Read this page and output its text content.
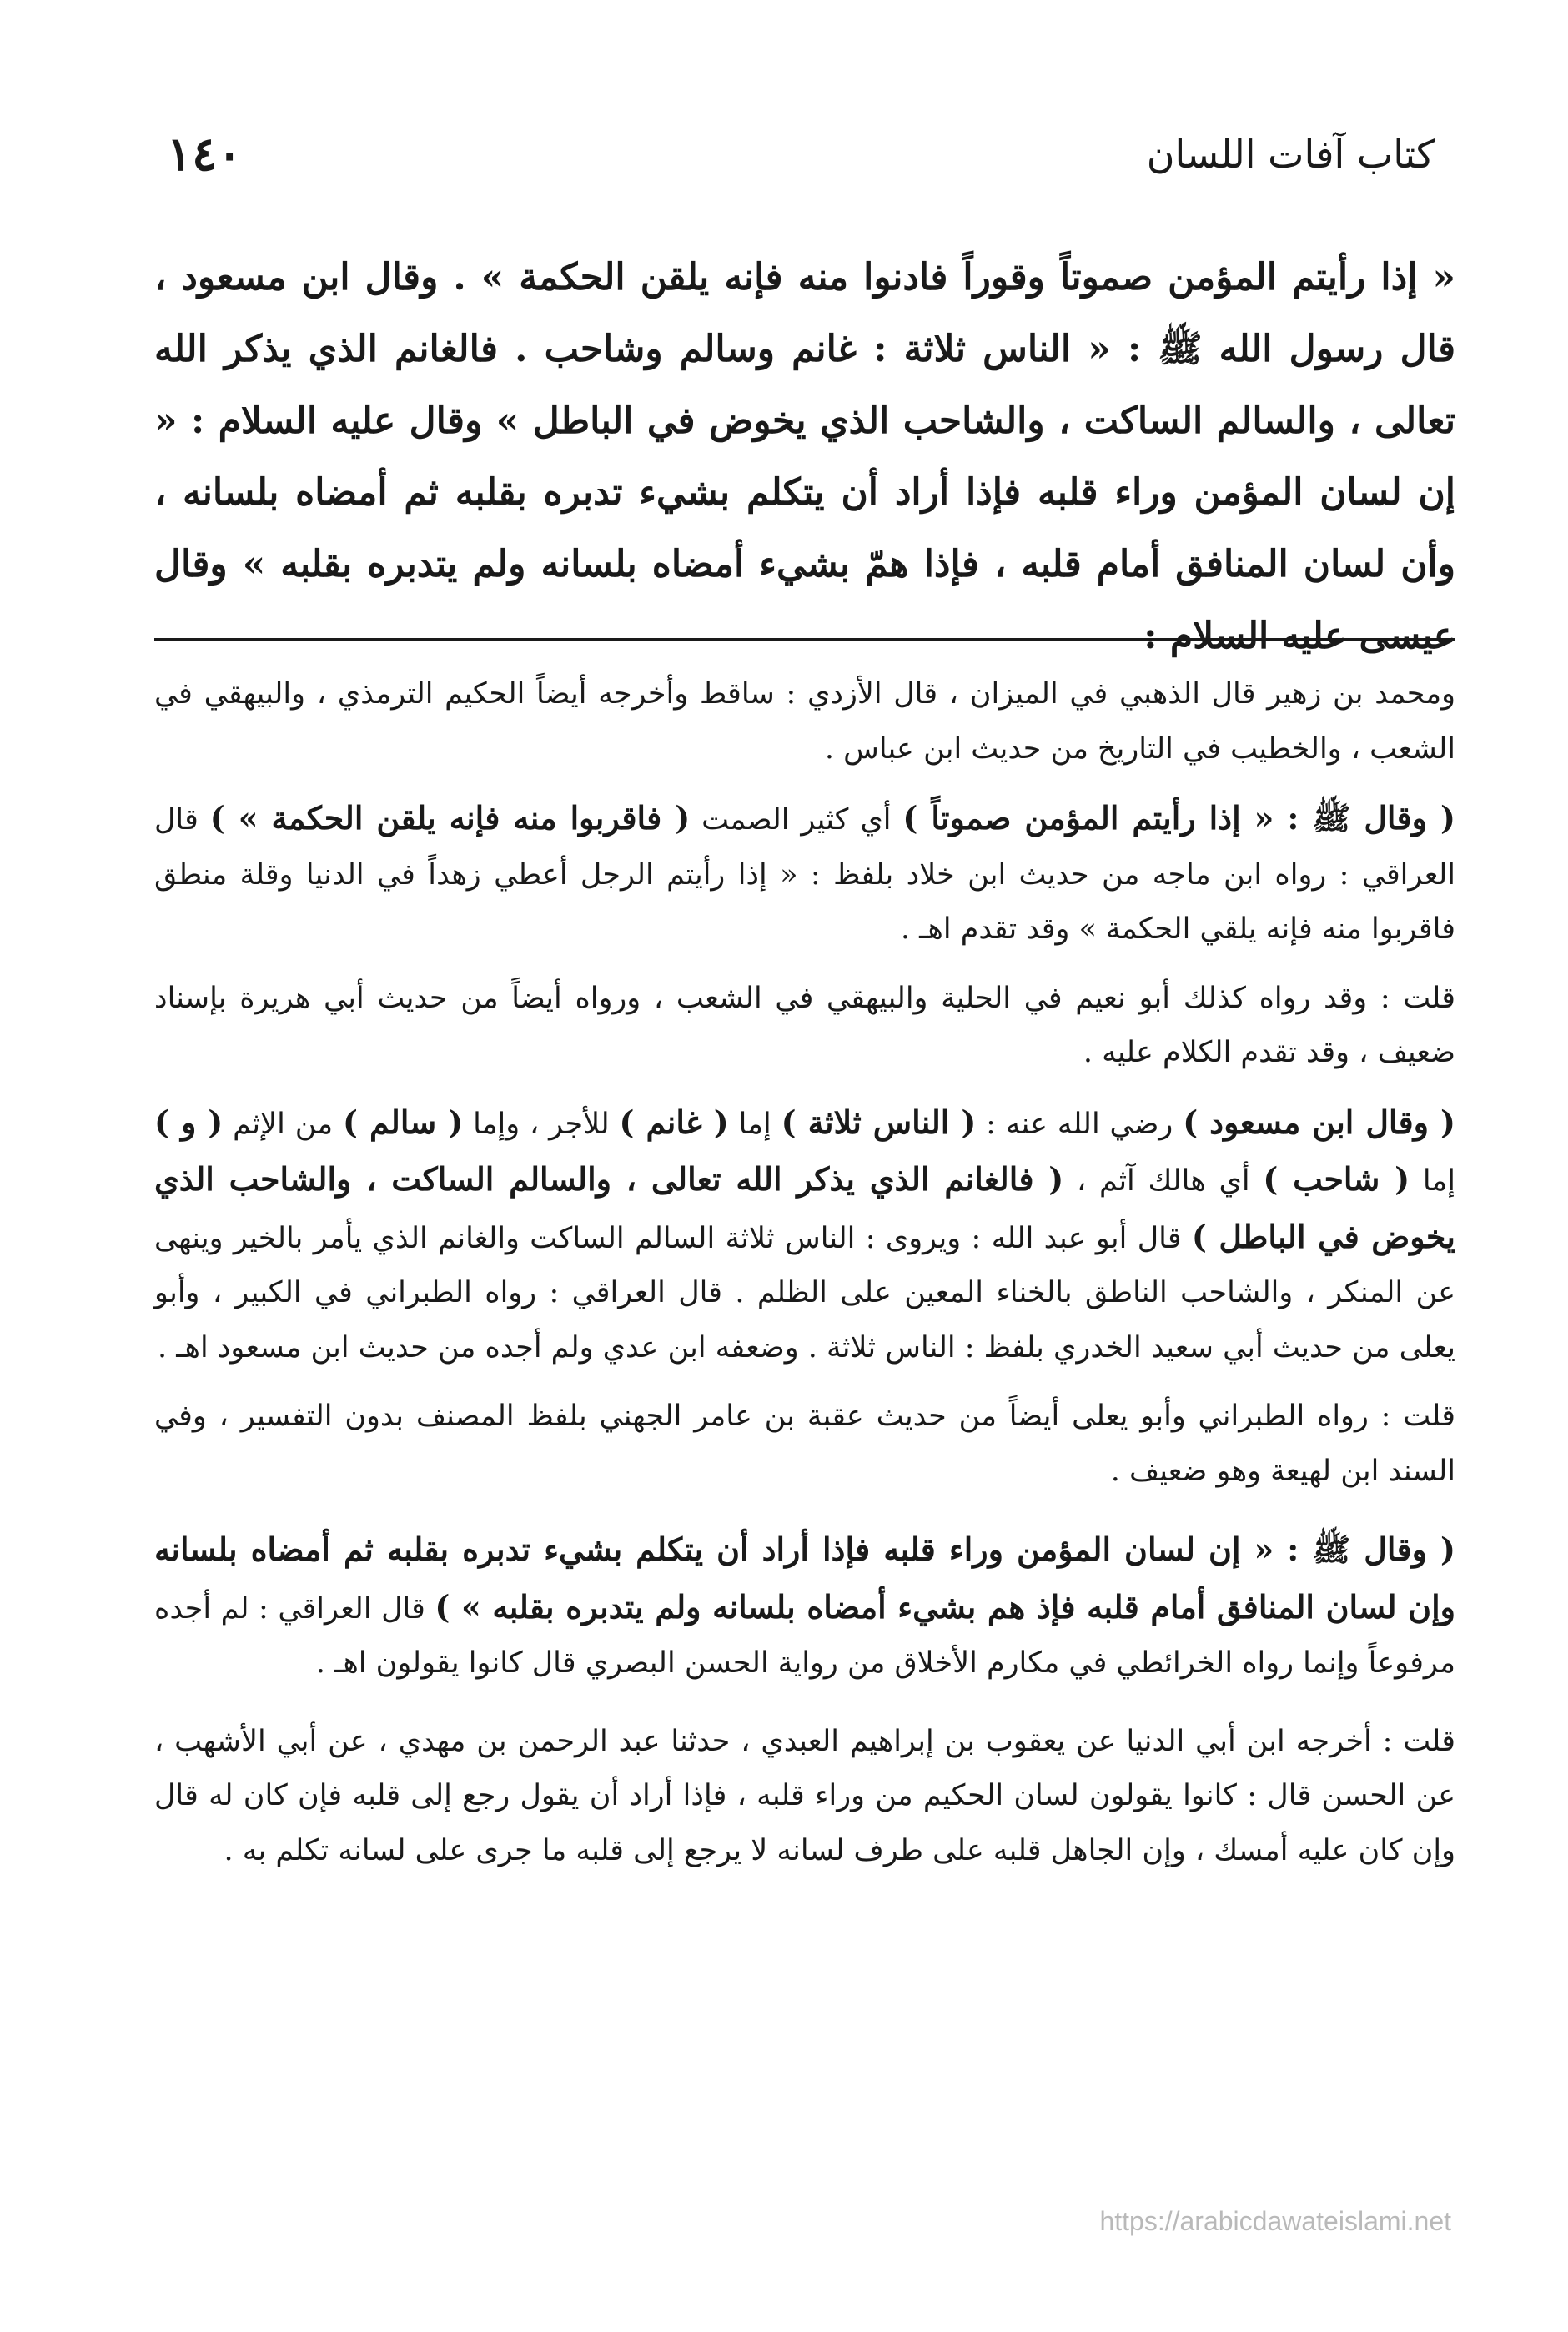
كتاب آفات اللسان
١٤٠
« إذا رأيتم المؤمن صموتاً وقوراً فادنوا منه فإنه يلقن الحكمة » . وقال ابن مسعود ، قال رسول الله ﷺ : « الناس ثلاثة : غانم وسالم وشاحب . فالغانم الذي يذكر الله تعالى ، والسالم الساكت ، والشاحب الذي يخوض في الباطل » وقال عليه السلام : « إن لسان المؤمن وراء قلبه فإذا أراد أن يتكلم بشيء تدبره بقلبه ثم أمضاه بلسانه ، وأن لسان المنافق أمام قلبه ، فإذا همّ بشيء أمضاه بلسانه ولم يتدبره بقلبه » وقال عيسى عليه السلام :

ومحمد بن زهير قال الذهبي في الميزان ، قال الأزدي : ساقط وأخرجه أيضاً الحكيم الترمذي ، والبيهقي في الشعب ، والخطيب في التاريخ من حديث ابن عباس .

( وقال ﷺ : « إذا رأيتم المؤمن صموتاً ) أي كثير الصمت ( فاقربوا منه فإنه يلقن الحكمة » ) قال العراقي : رواه ابن ماجه من حديث ابن خلاد بلفظ : « إذا رأيتم الرجل أعطي زهداً في الدنيا وقلة منطق فاقربوا منه فإنه يلقي الحكمة » وقد تقدم اهـ .

قلت : وقد رواه كذلك أبو نعيم في الحلية والبيهقي في الشعب ، ورواه أيضاً من حديث أبي هريرة بإسناد ضعيف ، وقد تقدم الكلام عليه .

( وقال ابن مسعود ) رضي الله عنه : ( الناس ثلاثة ) إما ( غانم ) للأجر ، وإما ( سالم ) من الإثم ( و ) إما ( شاحب ) أي هالك آثم ، ( فالغانم الذي يذكر الله تعالى ، والسالم الساكت ، والشاحب الذي يخوض في الباطل ) قال أبو عبد الله : ويروى : الناس ثلاثة السالم الساكت والغانم الذي يأمر بالخير وينهى عن المنكر ، والشاحب الناطق بالخناء المعين على الظلم . قال العراقي : رواه الطبراني في الكبير ، وأبو يعلى من حديث أبي سعيد الخدري بلفظ : الناس ثلاثة . وضعفه ابن عدي ولم أجده من حديث ابن مسعود اهـ .

قلت : رواه الطبراني وأبو يعلى أيضاً من حديث عقبة بن عامر الجهني بلفظ المصنف بدون التفسير ، وفي السند ابن لهيعة وهو ضعيف .

( وقال ﷺ : « إن لسان المؤمن وراء قلبه فإذا أراد أن يتكلم بشيء تدبره بقلبه ثم أمضاه بلسانه وإن لسان المنافق أمام قلبه فإذ هم بشيء أمضاه بلسانه ولم يتدبره بقلبه » ) قال العراقي : لم أجده مرفوعاً وإنما رواه الخرائطي في مكارم الأخلاق من رواية الحسن البصري قال كانوا يقولون اهـ .

قلت : أخرجه ابن أبي الدنيا عن يعقوب بن إبراهيم العبدي ، حدثنا عبد الرحمن بن مهدي ، عن أبي الأشهب ، عن الحسن قال : كانوا يقولون لسان الحكيم من وراء قلبه ، فإذا أراد أن يقول رجع إلى قلبه فإن كان له قال وإن كان عليه أمسك ، وإن الجاهل قلبه على طرف لسانه لا يرجع إلى قلبه ما جرى على لسانه تكلم به .

https://arabicdawateislami.net
